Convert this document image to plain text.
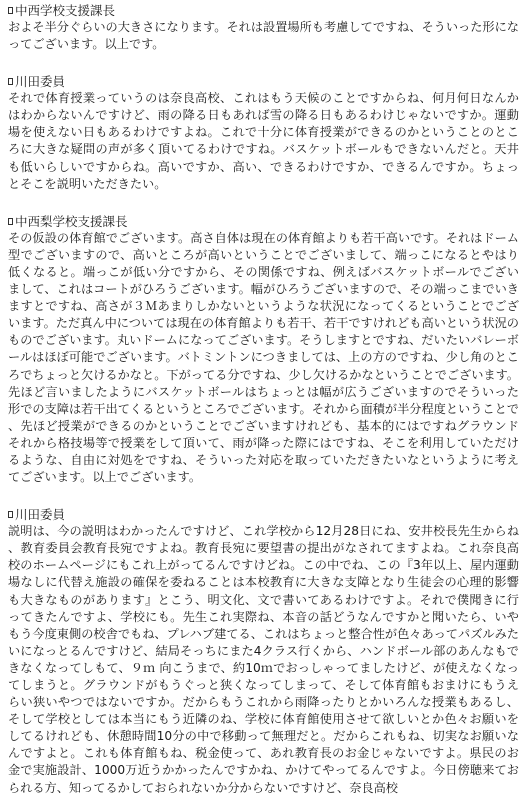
中西学校支援課長

およそ半分ぐらいの大きさになります。それは設置場所も考慮してですね、そういった形になってございます。以上です。

川田委員

それで体育授業っていうのは奈良高校、これはもう天候のことですからね、何月何日なんかはわからないんですけど、雨の降る日もあれば雪の降る日もあるわけじゃないですか。運動場を使えない日もあるわけですよね。これで十分に体育授業ができるのかということのところに大きな疑問の声が多く頂いてるわけですね。バスケットボールもできないんだと。天井も低いらしいですからね。高いですか、高い、できるわけですか、できるんですか。ちょっとそこを説明いただきたい。

中西梨学校支援課長

その仮設の体育館でございます。高さ自体は現在の体育館よりも若干高いです。それはドーム型でございますので、高いところが高いということでございまして、端っこになるとやはり低くなると。端っこが低い分ですから、その関係ですね、例えばバスケットボールでございまして、これはコートがひろうございます。幅がひろうございますので、その端っこまでいきますとですね、高さが３Ｍあまりしかないというような状況になってくるということでございます。ただ真ん中については現在の体育館よりも若干、若干ですけれども高いという状況のものでございます。丸いドームになってございます。そうしますとですね、だいたいバレーボールはほぼ可能でございます。バトミントンにつきましては、上の方のですね、少し角のところでちょっと欠けるかなと。下がってる分ですね、少し欠けるかなということでございます。先ほど言いましたようにバスケットボールはちょっとは幅が広うございますのでそういった形での支障は若干出てくるというところでございます。それから面積が半分程度ということで、先ほど授業ができるのかということでございますけれども、基本的にはですねグラウンドそれから格技場等で授業をして頂いて、雨が降った際にはですね、そこを利用していただけるような、自由に対処をですね、そういった対応を取っていただきたいなというように考えてございます。以上でございます。

川田委員

説明は、今の説明はわかったんですけど、これ学校から12月28日にね、安井校長先生からね、教育委員会教育長宛ですよね。教育長宛に要望書の提出がなされてますよね。これ奈良高校のホームページにもこれ上がってるんですけどね。この中でね、この『3年以上、屋内運動場なしに代替え施設の確保を委ねることは本校教育に大きな支障となり生徒会の心理的影響も大きなものがあります』とこう、明文化、文で書いてあるわけですよ。それで僕聞きに行ってきたんですよ、学校にも。先生これ実際ね、本音の話どうなんですかと聞いたら、いやもう今度東側の校舎でもね、プレハブ建てる、これはちょっと整合性が色々あってパズルみたいになっとるんですけど、結局そっちにまた4クラス行くから、ハンドボール部のあんなもできなくなってしもて、９ｍ 向こうまで、約10ｍでおっしゃってましたけど、が使えなくなってしまうと。グラウンドがもうぐっと狭くなってしまって、そして体育館もおまけにもうえらい狭いやつではないですか。だからもうこれから雨降ったりとかいろんな授業もあるし、そして学校としては本当にもう近隣のね、学校に体育館使用させて欲しいとか色々お願いをしてるけれども、休憩時間10分の中で移動って無理だと。だからこれもね、切実なお願いなんですよと。これも体育館もね、税金使って、あれ教育長のお金じゃないですよ。県民のお金で実施設計、1000万近うかかったんですかね、かけてやってるんですよ。今日傍聴来ておられる方、知ってるかしておられないか分からないですけど、奈良高校
